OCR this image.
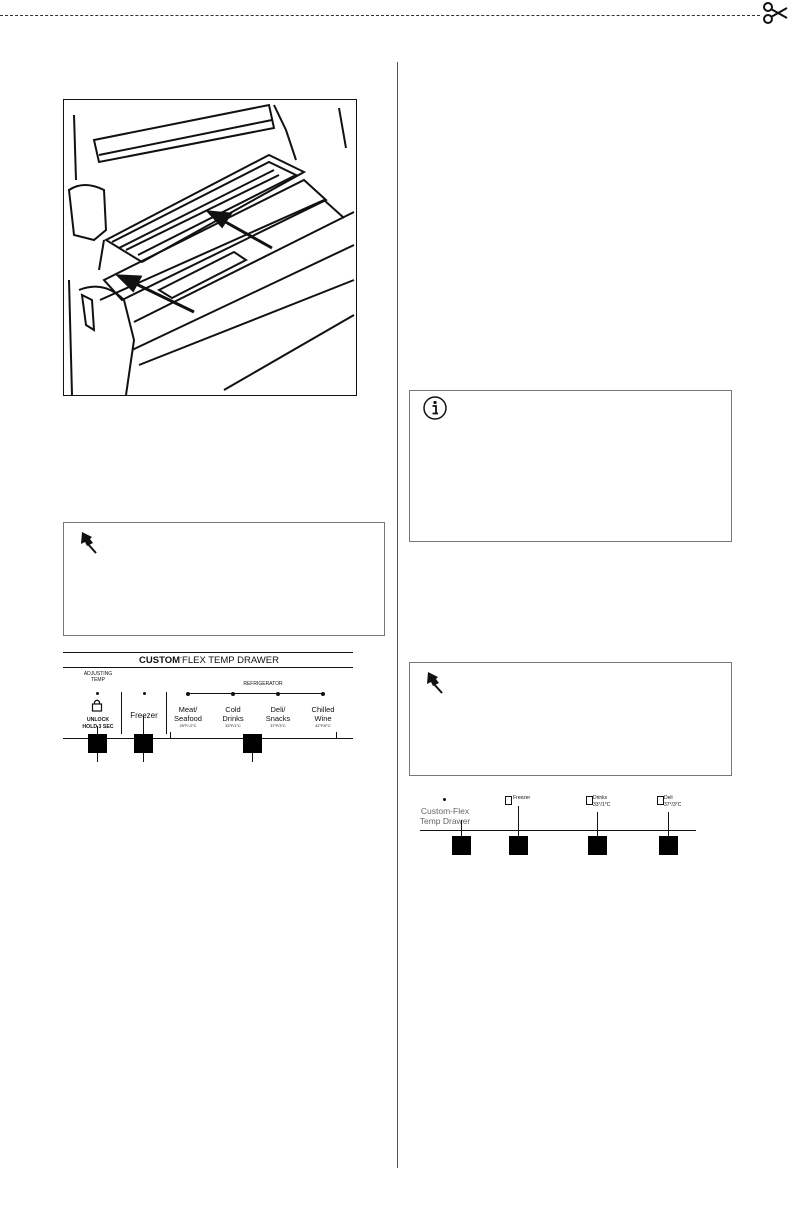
CUSTOM-FLEX TEMP DRAWER
ADJUSTING
TEMP
UNLOCK
HOLD 3 SEC
Freezer
REFRIGERATOR
Meat/
Seafood
29°F/-2°C
Cold
Drinks
33°F/1°C
Deli/
Snacks
37°F/3°C
Chilled
Wine
42°F/6°C
Custom-Flex
Temp Drawer
Freezer	Drinks
33°/1°C
Deli
37°/3°C
